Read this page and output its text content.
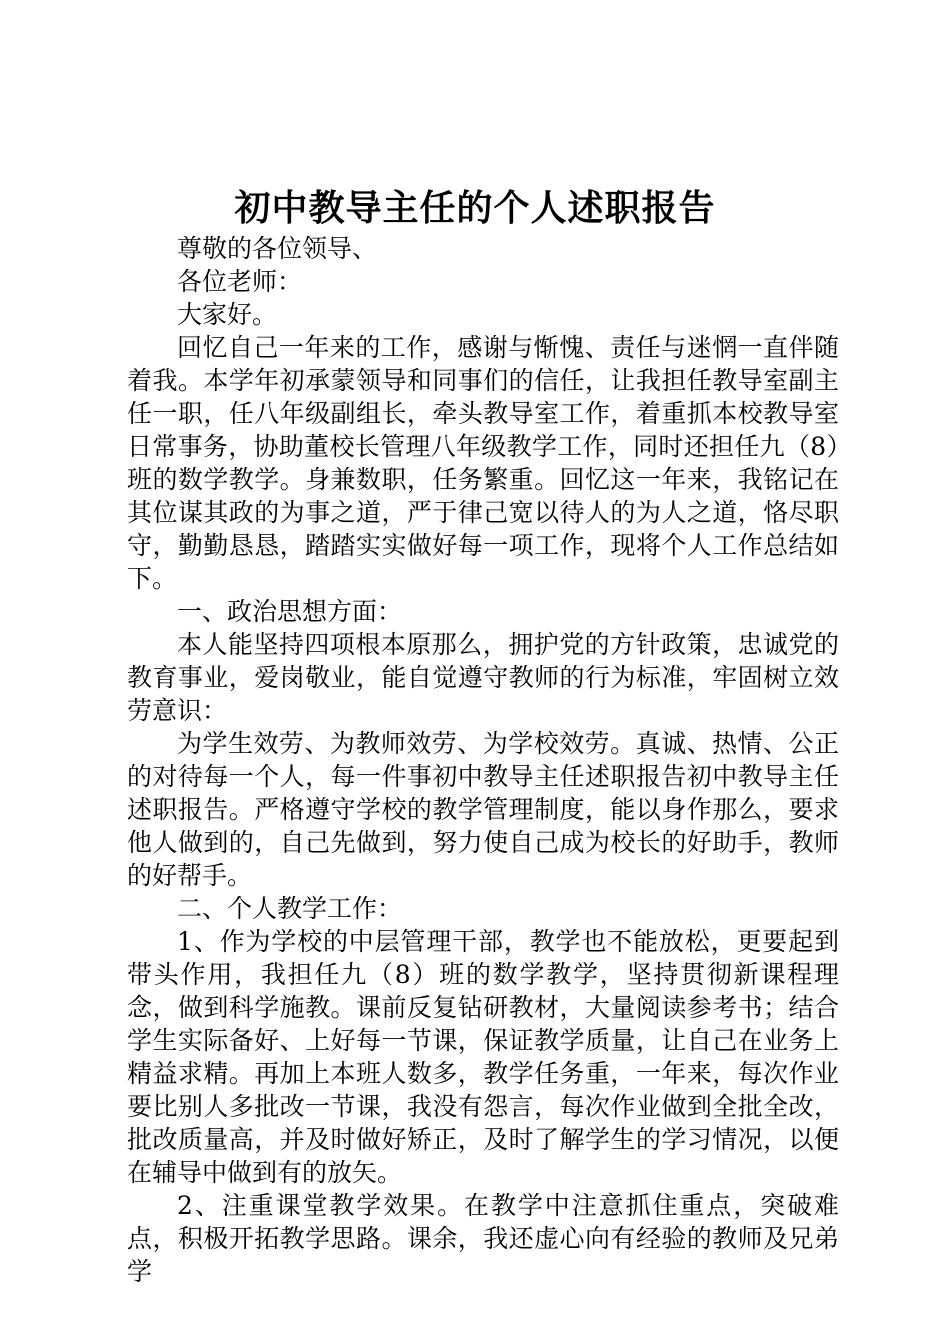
初中教导主任的个人述职报告

尊敬的各位领导、

各位老师：

大家好。

回忆自己一年来的工作，感谢与惭愧、责任与迷惘一直伴随着我。本学年初承蒙领导和同事们的信任，让我担任教导室副主任一职，任八年级副组长，牵头教导室工作，着重抓本校教导室日常事务，协助董校长管理八年级教学工作，同时还担任九（8）班的数学教学。身兼数职，任务繁重。回忆这一年来，我铭记在其位谋其政的为事之道，严于律己宽以待人的为人之道，恪尽职守，勤勤恳恳，踏踏实实做好每一项工作，现将个人工作总结如下。

一、政治思想方面：

本人能坚持四项根本原那么，拥护党的方针政策，忠诚党的教育事业，爱岗敬业，能自觉遵守教师的行为标准，牢固树立效劳意识：

为学生效劳、为教师效劳、为学校效劳。真诚、热情、公正的对待每一个人，每一件事初中教导主任述职报告初中教导主任述职报告。严格遵守学校的教学管理制度，能以身作那么，要求他人做到的，自己先做到，努力使自己成为校长的好助手，教师的好帮手。

二、个人教学工作：

1、作为学校的中层管理干部，教学也不能放松，更要起到带头作用，我担任九（8）班的数学教学，坚持贯彻新课程理念，做到科学施教。课前反复钻研教材，大量阅读参考书；结合学生实际备好、上好每一节课，保证教学质量，让自己在业务上精益求精。再加上本班人数多，教学任务重，一年来，每次作业要比别人多批改一节课，我没有怨言，每次作业做到全批全改，批改质量高，并及时做好矫正，及时了解学生的学习情况，以便在辅导中做到有的放矢。

2、注重课堂教学效果。在教学中注意抓住重点，突破难点，积极开拓教学思路。课余，我还虚心向有经验的教师及兄弟学
